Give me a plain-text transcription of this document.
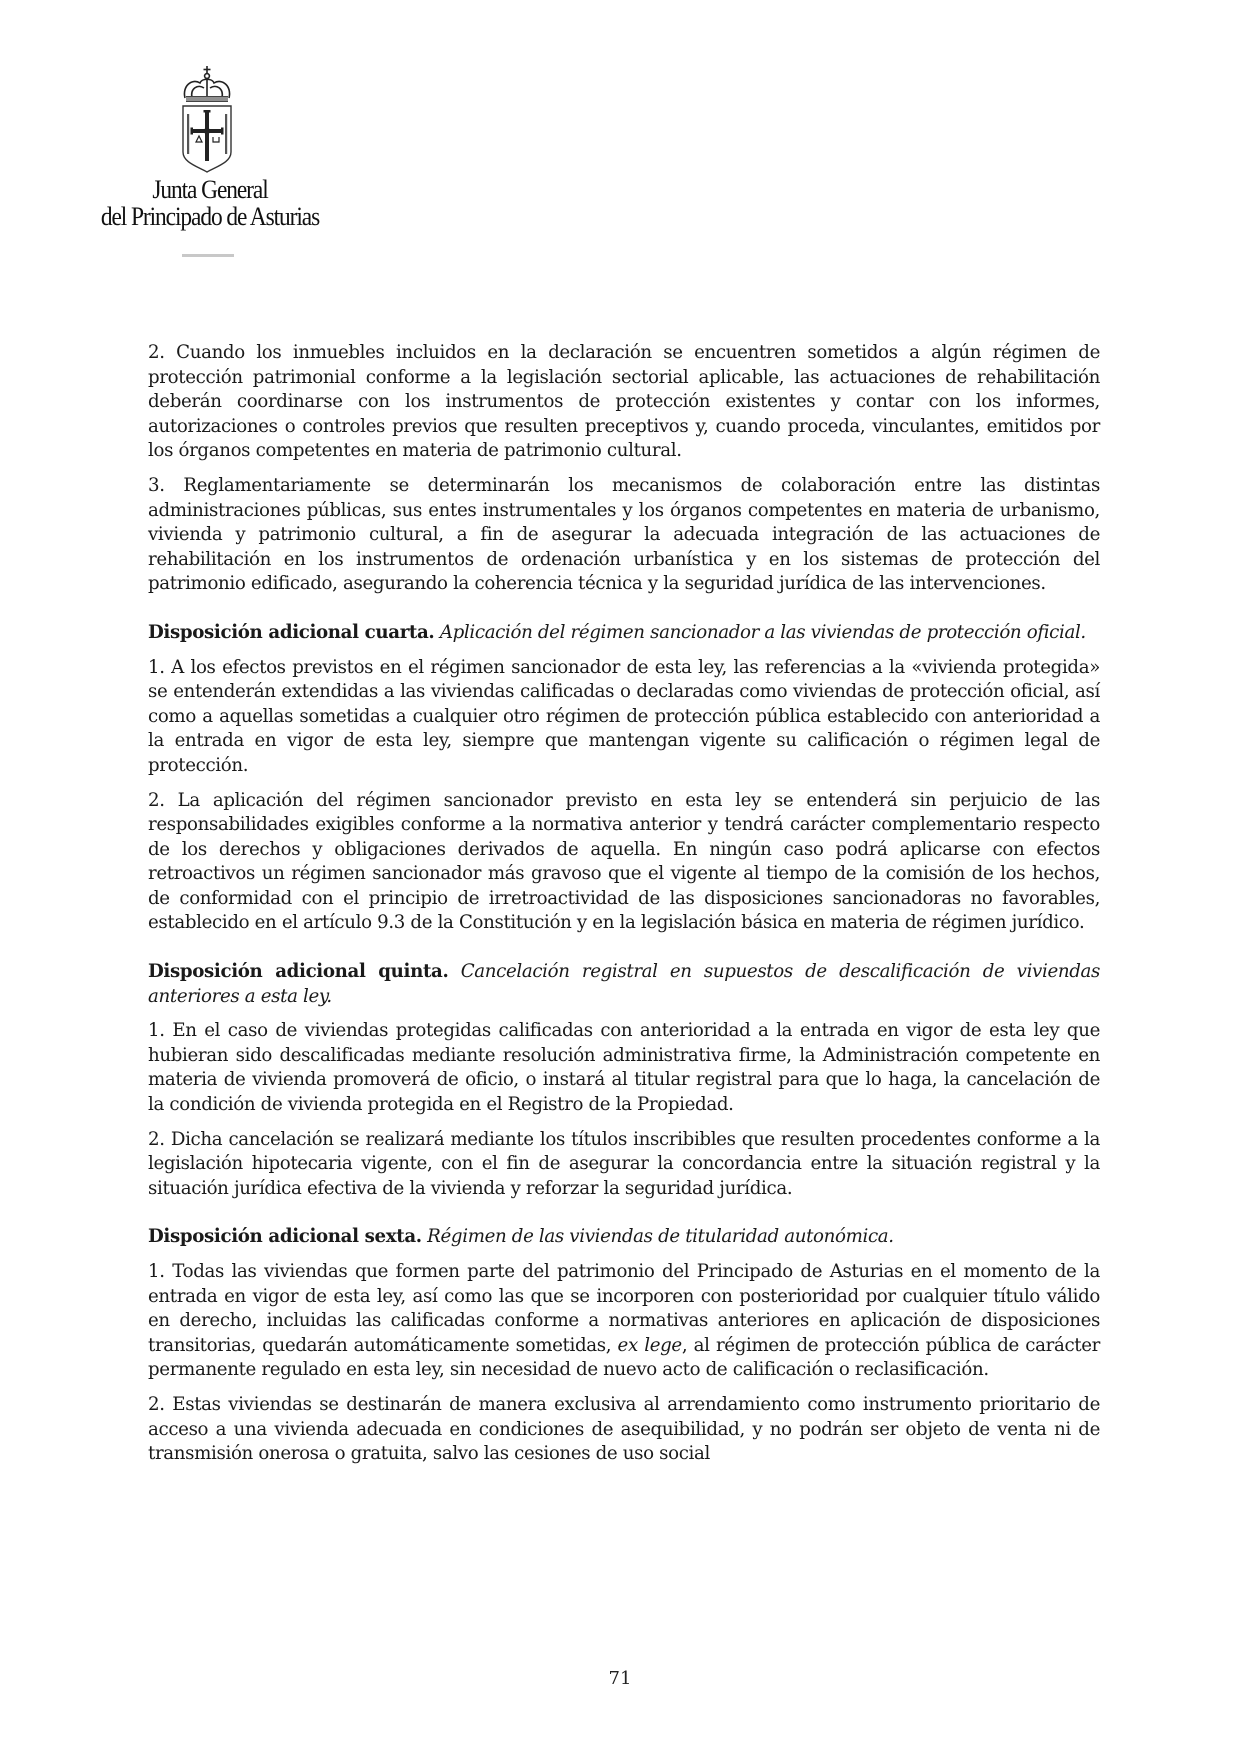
Junta General
del Principado de Asturias

2. Cuando los inmuebles incluidos en la declaración se encuentren sometidos a algún régimen de protección patrimonial conforme a la legislación sectorial aplicable, las actuaciones de rehabilitación deberán coordinarse con los instrumentos de protección existentes y contar con los informes, autorizaciones o controles previos que resulten preceptivos y, cuando proceda, vinculantes, emitidos por los órganos competentes en materia de patrimonio cultural.

3. Reglamentariamente se determinarán los mecanismos de colaboración entre las distintas administraciones públicas, sus entes instrumentales y los órganos competentes en materia de urbanismo, vivienda y patrimonio cultural, a fin de asegurar la adecuada integración de las actuaciones de rehabilitación en los instrumentos de ordenación urbanística y en los sistemas de protección del patrimonio edificado, asegurando la coherencia técnica y la seguridad jurídica de las intervenciones.

Disposición adicional cuarta. Aplicación del régimen sancionador a las viviendas de protección oficial.

1. A los efectos previstos en el régimen sancionador de esta ley, las referencias a la «vivienda protegida» se entenderán extendidas a las viviendas calificadas o declaradas como viviendas de protección oficial, así como a aquellas sometidas a cualquier otro régimen de protección pública establecido con anterioridad a la entrada en vigor de esta ley, siempre que mantengan vigente su calificación o régimen legal de protección.

2. La aplicación del régimen sancionador previsto en esta ley se entenderá sin perjuicio de las responsabilidades exigibles conforme a la normativa anterior y tendrá carácter complementario respecto de los derechos y obligaciones derivados de aquella. En ningún caso podrá aplicarse con efectos retroactivos un régimen sancionador más gravoso que el vigente al tiempo de la comisión de los hechos, de conformidad con el principio de irretroactividad de las disposiciones sancionadoras no favorables, establecido en el artículo 9.3 de la Constitución y en la legislación básica en materia de régimen jurídico.

Disposición adicional quinta. Cancelación registral en supuestos de descalificación de viviendas anteriores a esta ley.

1. En el caso de viviendas protegidas calificadas con anterioridad a la entrada en vigor de esta ley que hubieran sido descalificadas mediante resolución administrativa firme, la Administración competente en materia de vivienda promoverá de oficio, o instará al titular registral para que lo haga, la cancelación de la condición de vivienda protegida en el Registro de la Propiedad.

2. Dicha cancelación se realizará mediante los títulos inscribibles que resulten procedentes conforme a la legislación hipotecaria vigente, con el fin de asegurar la concordancia entre la situación registral y la situación jurídica efectiva de la vivienda y reforzar la seguridad jurídica.

Disposición adicional sexta. Régimen de las viviendas de titularidad autonómica.

1. Todas las viviendas que formen parte del patrimonio del Principado de Asturias en el momento de la entrada en vigor de esta ley, así como las que se incorporen con posterioridad por cualquier título válido en derecho, incluidas las calificadas conforme a normativas anteriores en aplicación de disposiciones transitorias, quedarán automáticamente sometidas, ex lege, al régimen de protección pública de carácter permanente regulado en esta ley, sin necesidad de nuevo acto de calificación o reclasificación.

2. Estas viviendas se destinarán de manera exclusiva al arrendamiento como instrumento prioritario de acceso a una vivienda adecuada en condiciones de asequibilidad, y no podrán ser objeto de venta ni de transmisión onerosa o gratuita, salvo las cesiones de uso social

71
